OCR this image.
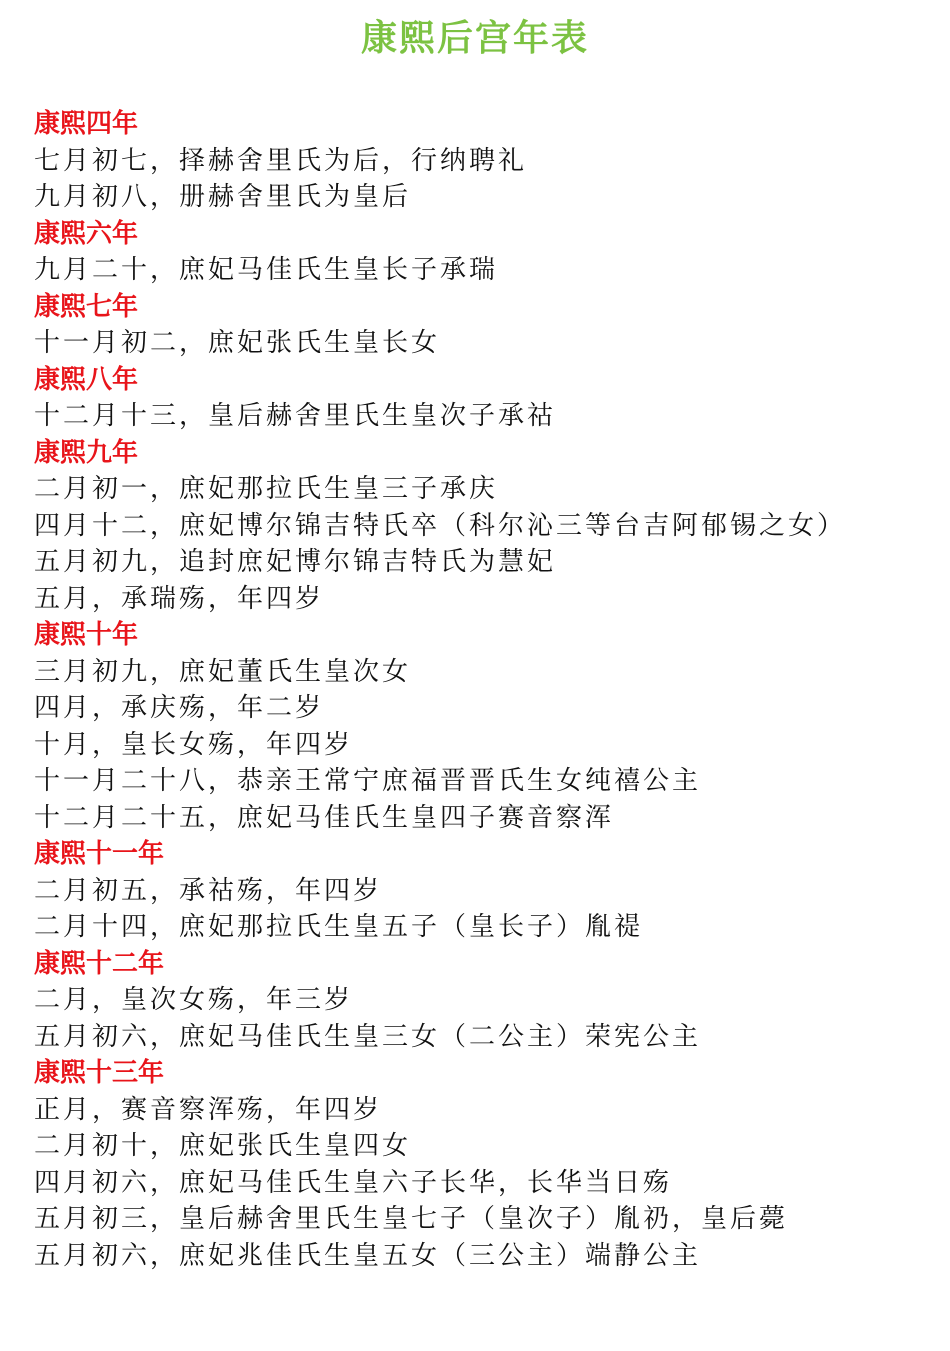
康熙后宫年表
康熙四年
七月初七，择赫舍里氏为后，行纳聘礼
九月初八，册赫舍里氏为皇后
康熙六年
九月二十，庶妃马佳氏生皇长子承瑞
康熙七年
十一月初二，庶妃张氏生皇长女
康熙八年
十二月十三，皇后赫舍里氏生皇次子承祜
康熙九年
二月初一，庶妃那拉氏生皇三子承庆
四月十二，庶妃博尔锦吉特氏卒（科尔沁三等台吉阿郁锡之女）
五月初九，追封庶妃博尔锦吉特氏为慧妃
五月，承瑞殇，年四岁
康熙十年
三月初九，庶妃董氏生皇次女
四月，承庆殇，年二岁
十月，皇长女殇，年四岁
十一月二十八，恭亲王常宁庶福晋晋氏生女纯禧公主
十二月二十五，庶妃马佳氏生皇四子赛音察浑
康熙十一年
二月初五，承祜殇，年四岁
二月十四，庶妃那拉氏生皇五子（皇长子）胤禔
康熙十二年
二月，皇次女殇，年三岁
五月初六，庶妃马佳氏生皇三女（二公主）荣宪公主
康熙十三年
正月，赛音察浑殇，年四岁
二月初十，庶妃张氏生皇四女
四月初六，庶妃马佳氏生皇六子长华，长华当日殇
五月初三，皇后赫舍里氏生皇七子（皇次子）胤礽，皇后薨
五月初六，庶妃兆佳氏生皇五女（三公主）端静公主
